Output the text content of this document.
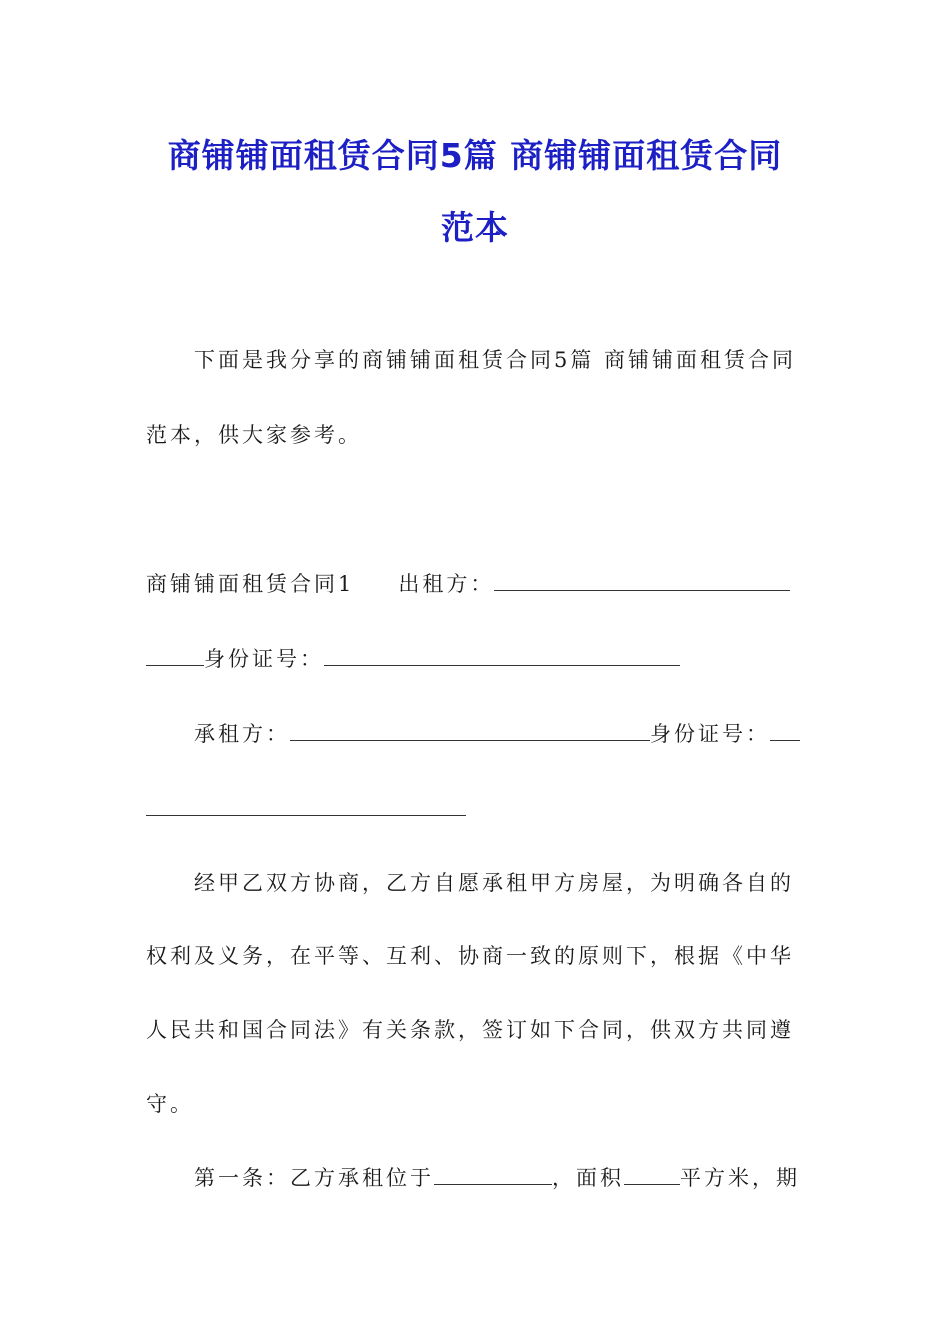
商铺铺面租赁合同5篇 商铺铺面租赁合同
范本
下面是我分享的商铺铺面租赁合同5篇 商铺铺面租赁合同
范本，供大家参考。
商铺铺面租赁合同1 出租方：
身份证号：
承租方：	身份证号：
经甲乙双方协商，乙方自愿承租甲方房屋，为明确各自的
权利及义务，在平等、互利、协商一致的原则下，根据《中华
人民共和国合同法》有关条款，签订如下合同，供双方共同遵
守。
第一条：乙方承租位于	，面积	平方米，期
